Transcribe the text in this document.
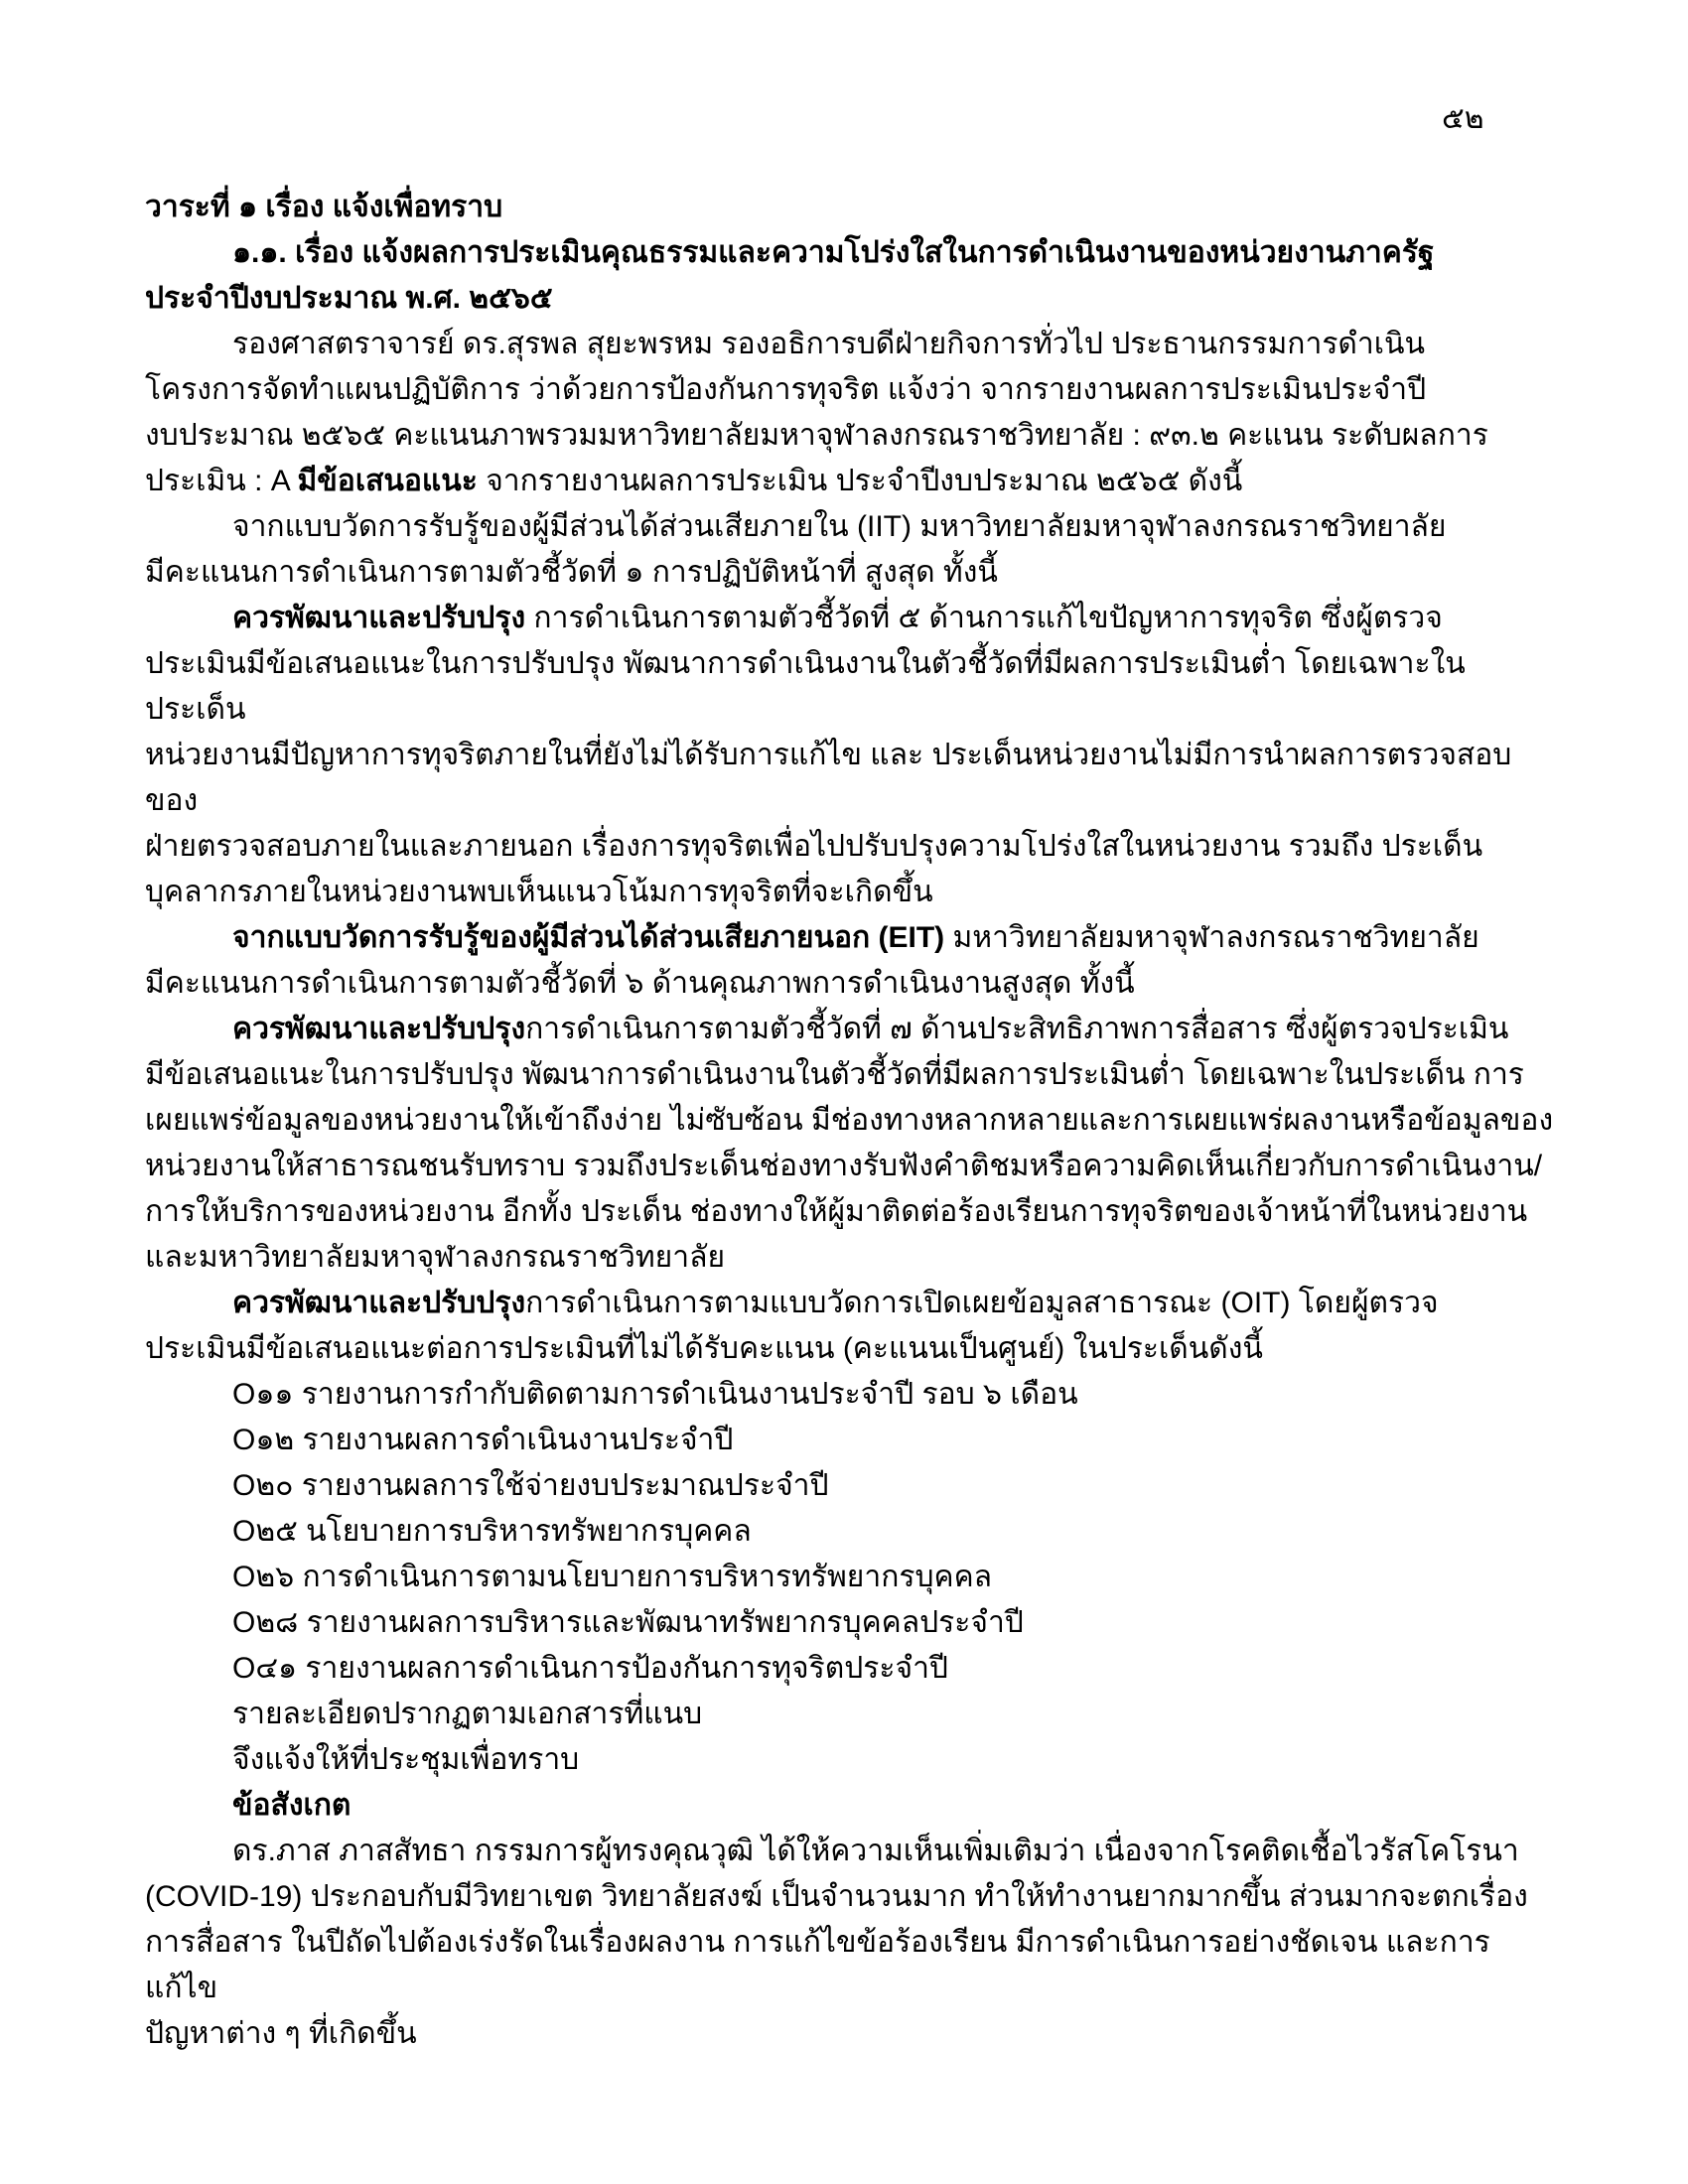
๕๒
วาระที่ ๑ เรื่อง แจ้งเพื่อทราบ
๑.๑. เรื่อง แจ้งผลการประเมินคุณธรรมและความโปร่งใสในการดำเนินงานของหน่วยงานภาครัฐ
ประจำปีงบประมาณ พ.ศ. ๒๕๖๕
รองศาสตราจารย์ ดร.สุรพล สุยะพรหม รองอธิการบดีฝ่ายกิจการทั่วไป ประธานกรรมการดำเนิน
โครงการจัดทำแผนปฏิบัติการ ว่าด้วยการป้องกันการทุจริต แจ้งว่า จากรายงานผลการประเมินประจำปี
งบประมาณ ๒๕๖๕ คะแนนภาพรวมมหาวิทยาลัยมหาจุฬาลงกรณราชวิทยาลัย : ๙๓.๒ คะแนน ระดับผลการ
ประเมิน : A มีข้อเสนอแนะ จากรายงานผลการประเมิน ประจำปีงบประมาณ ๒๕๖๕ ดังนี้
จากแบบวัดการรับรู้ของผู้มีส่วนได้ส่วนเสียภายใน (IIT) มหาวิทยาลัยมหาจุฬาลงกรณราชวิทยาลัย
มีคะแนนการดำเนินการตามตัวชี้วัดที่ ๑ การปฏิบัติหน้าที่ สูงสุด ทั้งนี้
ควรพัฒนาและปรับปรุง การดำเนินการตามตัวชี้วัดที่ ๕ ด้านการแก้ไขปัญหาการทุจริต ซึ่งผู้ตรวจ
ประเมินมีข้อเสนอแนะในการปรับปรุง พัฒนาการดำเนินงานในตัวชี้วัดที่มีผลการประเมินต่ำ โดยเฉพาะในประเด็น
หน่วยงานมีปัญหาการทุจริตภายในที่ยังไม่ได้รับการแก้ไข และ ประเด็นหน่วยงานไม่มีการนำผลการตรวจสอบของ
ฝ่ายตรวจสอบภายในและภายนอก เรื่องการทุจริตเพื่อไปปรับปรุงความโปร่งใสในหน่วยงาน รวมถึง ประเด็น
บุคลากรภายในหน่วยงานพบเห็นแนวโน้มการทุจริตที่จะเกิดขึ้น
จากแบบวัดการรับรู้ของผู้มีส่วนได้ส่วนเสียภายนอก (EIT) มหาวิทยาลัยมหาจุฬาลงกรณราชวิทยาลัย
มีคะแนนการดำเนินการตามตัวชี้วัดที่ ๖ ด้านคุณภาพการดำเนินงานสูงสุด ทั้งนี้
ควรพัฒนาและปรับปรุงการดำเนินการตามตัวชี้วัดที่ ๗ ด้านประสิทธิภาพการสื่อสาร ซึ่งผู้ตรวจประเมิน
มีข้อเสนอแนะในการปรับปรุง พัฒนาการดำเนินงานในตัวชี้วัดที่มีผลการประเมินต่ำ โดยเฉพาะในประเด็น การ
เผยแพร่ข้อมูลของหน่วยงานให้เข้าถึงง่าย ไม่ซับซ้อน มีช่องทางหลากหลายและการเผยแพร่ผลงานหรือข้อมูลของ
หน่วยงานให้สาธารณชนรับทราบ รวมถึงประเด็นช่องทางรับฟังคำติชมหรือความคิดเห็นเกี่ยวกับการดำเนินงาน/
การให้บริการของหน่วยงาน อีกทั้ง ประเด็น ช่องทางให้ผู้มาติดต่อร้องเรียนการทุจริตของเจ้าหน้าที่ในหน่วยงาน
และมหาวิทยาลัยมหาจุฬาลงกรณราชวิทยาลัย
ควรพัฒนาและปรับปรุงการดำเนินการตามแบบวัดการเปิดเผยข้อมูลสาธารณะ (OIT) โดยผู้ตรวจ
ประเมินมีข้อเสนอแนะต่อการประเมินที่ไม่ได้รับคะแนน (คะแนนเป็นศูนย์) ในประเด็นดังนี้
O๑๑ รายงานการกำกับติดตามการดำเนินงานประจำปี รอบ ๖ เดือน
O๑๒ รายงานผลการดำเนินงานประจำปี
O๒๐ รายงานผลการใช้จ่ายงบประมาณประจำปี
O๒๕ นโยบายการบริหารทรัพยากรบุคคล
O๒๖ การดำเนินการตามนโยบายการบริหารทรัพยากรบุคคล
O๒๘ รายงานผลการบริหารและพัฒนาทรัพยากรบุคคลประจำปี
O๔๑ รายงานผลการดำเนินการป้องกันการทุจริตประจำปี
รายละเอียดปรากฏตามเอกสารที่แนบ
จึงแจ้งให้ที่ประชุมเพื่อทราบ
ข้อสังเกต
ดร.ภาส ภาสสัทธา กรรมการผู้ทรงคุณวุฒิ ได้ให้ความเห็นเพิ่มเติมว่า เนื่องจากโรคติดเชื้อไวรัสโคโรนา
(COVID-19) ประกอบกับมีวิทยาเขต วิทยาลัยสงฆ์ เป็นจำนวนมาก ทำให้ทำงานยากมากขึ้น ส่วนมากจะตกเรื่อง
การสื่อสาร ในปีถัดไปต้องเร่งรัดในเรื่องผลงาน การแก้ไขข้อร้องเรียน มีการดำเนินการอย่างชัดเจน และการแก้ไข
ปัญหาต่าง ๆ ที่เกิดขึ้น
